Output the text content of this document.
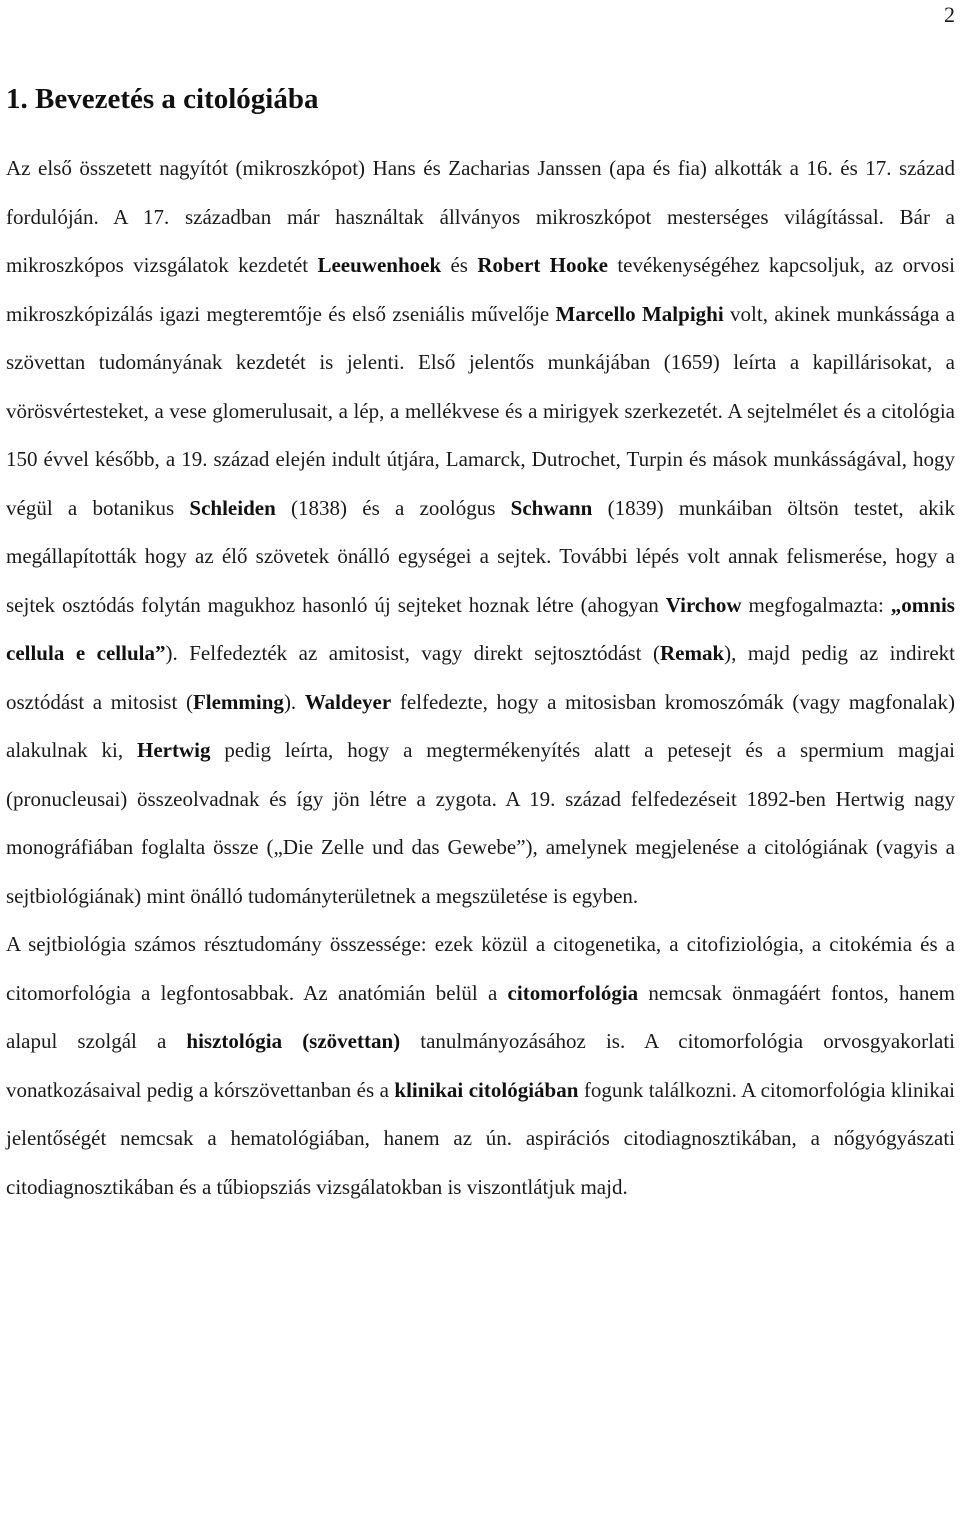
2
1. Bevezetés a citológiába

Az első összetett nagyítót (mikroszkópot) Hans és Zacharias Janssen (apa és fia) alkották a 16. és 17. század fordulóján. A 17. században már használtak állványos mikroszkópot mesterséges világítással. Bár a mikroszkópos vizsgálatok kezdetét Leeuwenhoek és Robert Hooke tevékenységéhez kapcsoljuk, az orvosi mikroszkópizálás igazi megteremtője és első zseniális művelője Marcello Malpighi volt, akinek munkássága a szövettan tudományának kezdetét is jelenti. Első jelentős munkájában (1659) leírta a kapillárisokat, a vörösvértesteket, a vese glomerulusait, a lép, a mellékvese és a mirigyek szerkezetét. A sejtelmélet és a citológia 150 évvel később, a 19. század elején indult útjára, Lamarck, Dutrochet, Turpin és mások munkásságával, hogy végül a botanikus Schleiden (1838) és a zoológus Schwann (1839) munkáiban öltsön testet, akik megállapították hogy az élő szövetek önálló egységei a sejtek. További lépés volt annak felismerése, hogy a sejtek osztódás folytán magukhoz hasonló új sejteket hoznak létre (ahogyan Virchow megfogalmazta: „omnis cellula e cellula”). Felfedezték az amitosist, vagy direkt sejtosztódást (Remak), majd pedig az indirekt osztódást a mitosist (Flemming). Waldeyer felfedezte, hogy a mitosisban kromoszómák (vagy magfonalak) alakulnak ki, Hertwig pedig leírta, hogy a megtermékenyítés alatt a petesejt és a spermium magjai (pronucleusai) összeolvadnak és így jön létre a zygota. A 19. század felfedezéseit 1892-ben Hertwig nagy monográfiában foglalta össze („Die Zelle und das Gewebe”), amelynek megjelenése a citológiának (vagyis a sejtbiológiának) mint önálló tudományterületnek a megszületése is egyben.

A sejtbiológia számos résztudomány összessége: ezek közül a citogenetika, a citofiziológia, a citokémia és a citomorfológia a legfontosabbak. Az anatómián belül a citomorfológia nemcsak önmagáért fontos, hanem alapul szolgál a hisztológia (szövettan) tanulmányozásához is. A citomorfológia orvosgyakorlati vonatkozásaival pedig a kórszövettanban és a klinikai citológiában fogunk találkozni. A citomorfológia klinikai jelentőségét nemcsak a hematológiában, hanem az ún. aspirációs citodiagnosztikában, a nőgyógyászati citodiagnosztikában és a tűbiopsziás vizsgálatokban is viszontlátjuk majd.
